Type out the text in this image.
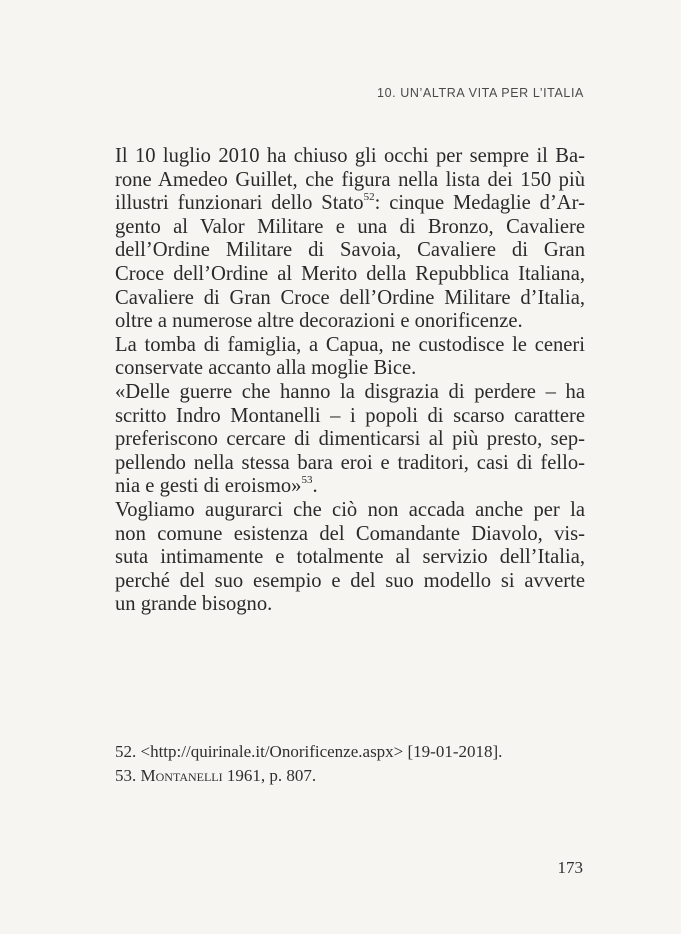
10. UN’ALTRA VITA PER L’ITALIA
Il 10 luglio 2010 ha chiuso gli occhi per sempre il Ba-
rone Amedeo Guillet, che figura nella lista dei 150 più
illustri funzionari dello Stato$^{52}$: cinque Medaglie d’Ar-
gento al Valor Militare e una di Bronzo, Cavaliere
dell’Ordine Militare di Savoia, Cavaliere di Gran
Croce dell’Ordine al Merito della Repubblica Italiana,
Cavaliere di Gran Croce dell’Ordine Militare d’Italia,
oltre a numerose altre decorazioni e onorificenze.
La tomba di famiglia, a Capua, ne custodisce le ceneri
conservate accanto alla moglie Bice.
«Delle guerre che hanno la disgrazia di perdere – ha
scritto Indro Montanelli – i popoli di scarso carattere
preferiscono cercare di dimenticarsi al più presto, sep-
pellendo nella stessa bara eroi e traditori, casi di fello-
nia e gesti di eroismo»$^{53}$.
Vogliamo augurarci che ciò non accada anche per la
non comune esistenza del Comandante Diavolo, vis-
suta intimamente e totalmente al servizio dell’Italia,
perché del suo esempio e del suo modello si avverte
un grande bisogno.
52. <http://quirinale.it/Onorificenze.aspx> [19-01-2018].
53. Montanelli 1961, p. 807.
173
